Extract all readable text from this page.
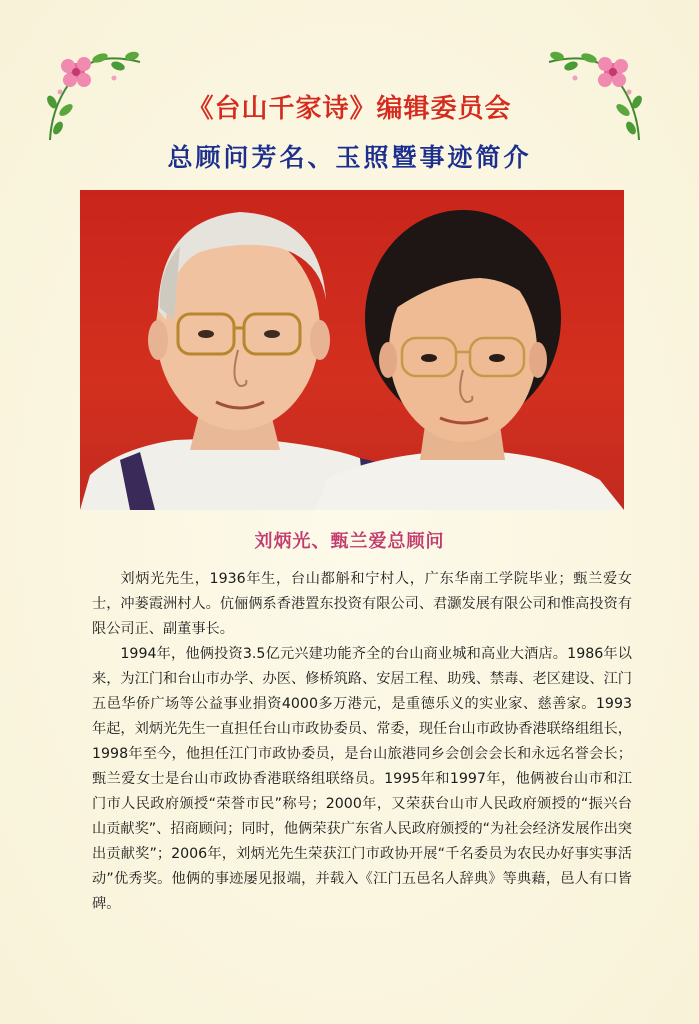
《台山千家诗》编辑委员会
总顾问芳名、玉照暨事迹简介
刘炳光、甄兰爱总顾问

刘炳光先生，1936年生，台山都斛和宁村人，广东华南工学院毕业；甄兰爱女士，冲蒌霞洲村人。伉俪俩系香港置东投资有限公司、君灏发展有限公司和惟高投资有限公司正、副董事长。

1994年，他俩投资3.5亿元兴建功能齐全的台山商业城和高业大酒店。1986年以来，为江门和台山市办学、办医、修桥筑路、安居工程、助残、禁毒、老区建设、江门五邑华侨广场等公益事业捐资4000多万港元，是重德乐义的实业家、慈善家。1993年起，刘炳光先生一直担任台山市政协委员、常委，现任台山市政协香港联络组组长，1998年至今，他担任江门市政协委员，是台山旅港同乡会创会会长和永远名誉会长；甄兰爱女士是台山市政协香港联络组联络员。1995年和1997年，他俩被台山市和江门市人民政府颁授“荣誉市民”称号；2000年，又荣获台山市人民政府颁授的“振兴台山贡献奖”、招商顾问；同时，他俩荣获广东省人民政府颁授的“为社会经济发展作出突出贡献奖”；2006年，刘炳光先生荣获江门市政协开展“千名委员为农民办好事实事活动”优秀奖。他俩的事迹屡见报端，并载入《江门五邑名人辞典》等典藉，邑人有口皆碑。
